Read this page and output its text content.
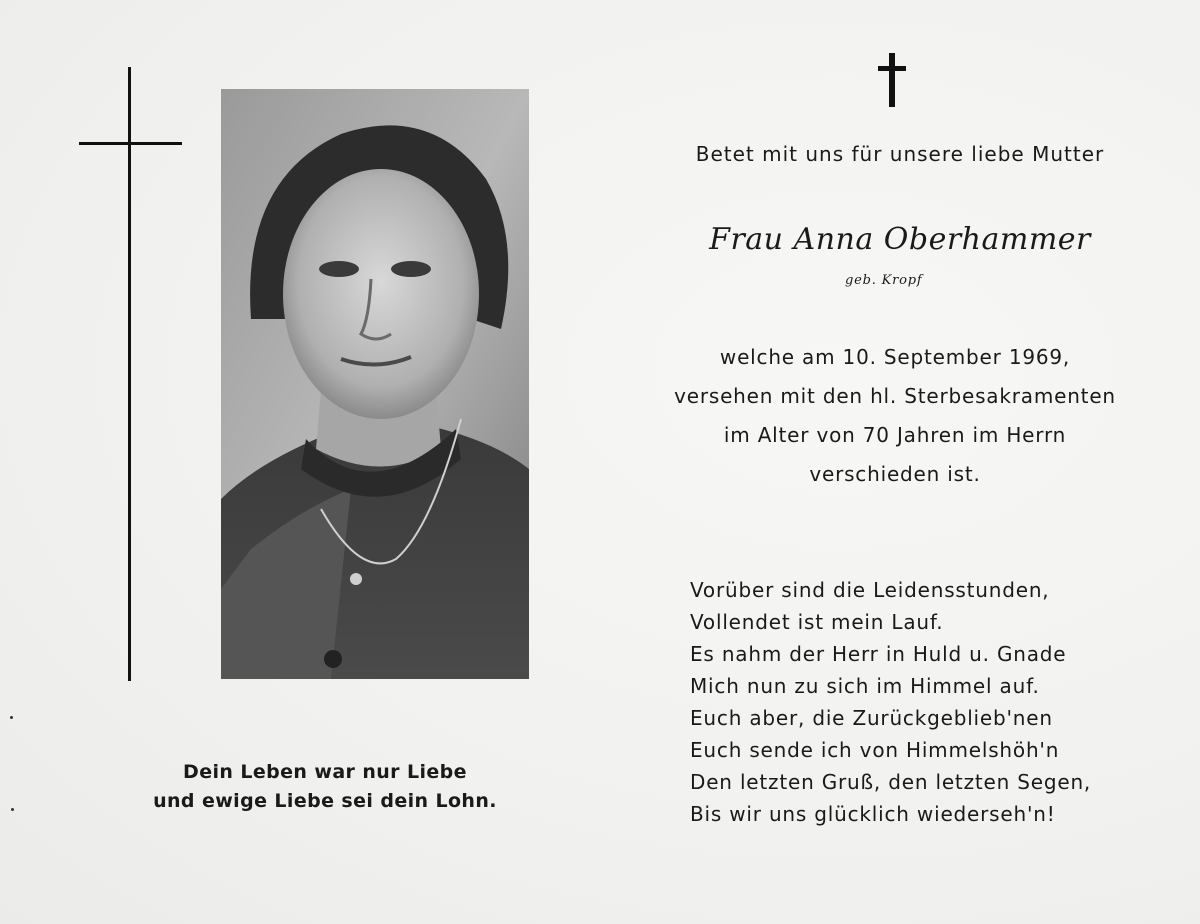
Dein Leben war nur Liebe
und ewige Liebe sei dein Lohn.
Betet mit uns für unsere liebe Mutter
Frau Anna Oberhammer
geb. Kropf
welche am 10. September 1969,
versehen mit den hl. Sterbesakramenten
im Alter von 70 Jahren im Herrn
verschieden ist.
Vorüber sind die Leidensstunden,
Vollendet ist mein Lauf.
Es nahm der Herr in Huld u. Gnade
Mich nun zu sich im Himmel auf.
Euch aber, die Zurückgeblieb'nen
Euch sende ich von Himmelshöh'n
Den letzten Gruß, den letzten Segen,
Bis wir uns glücklich wiederseh'n!
